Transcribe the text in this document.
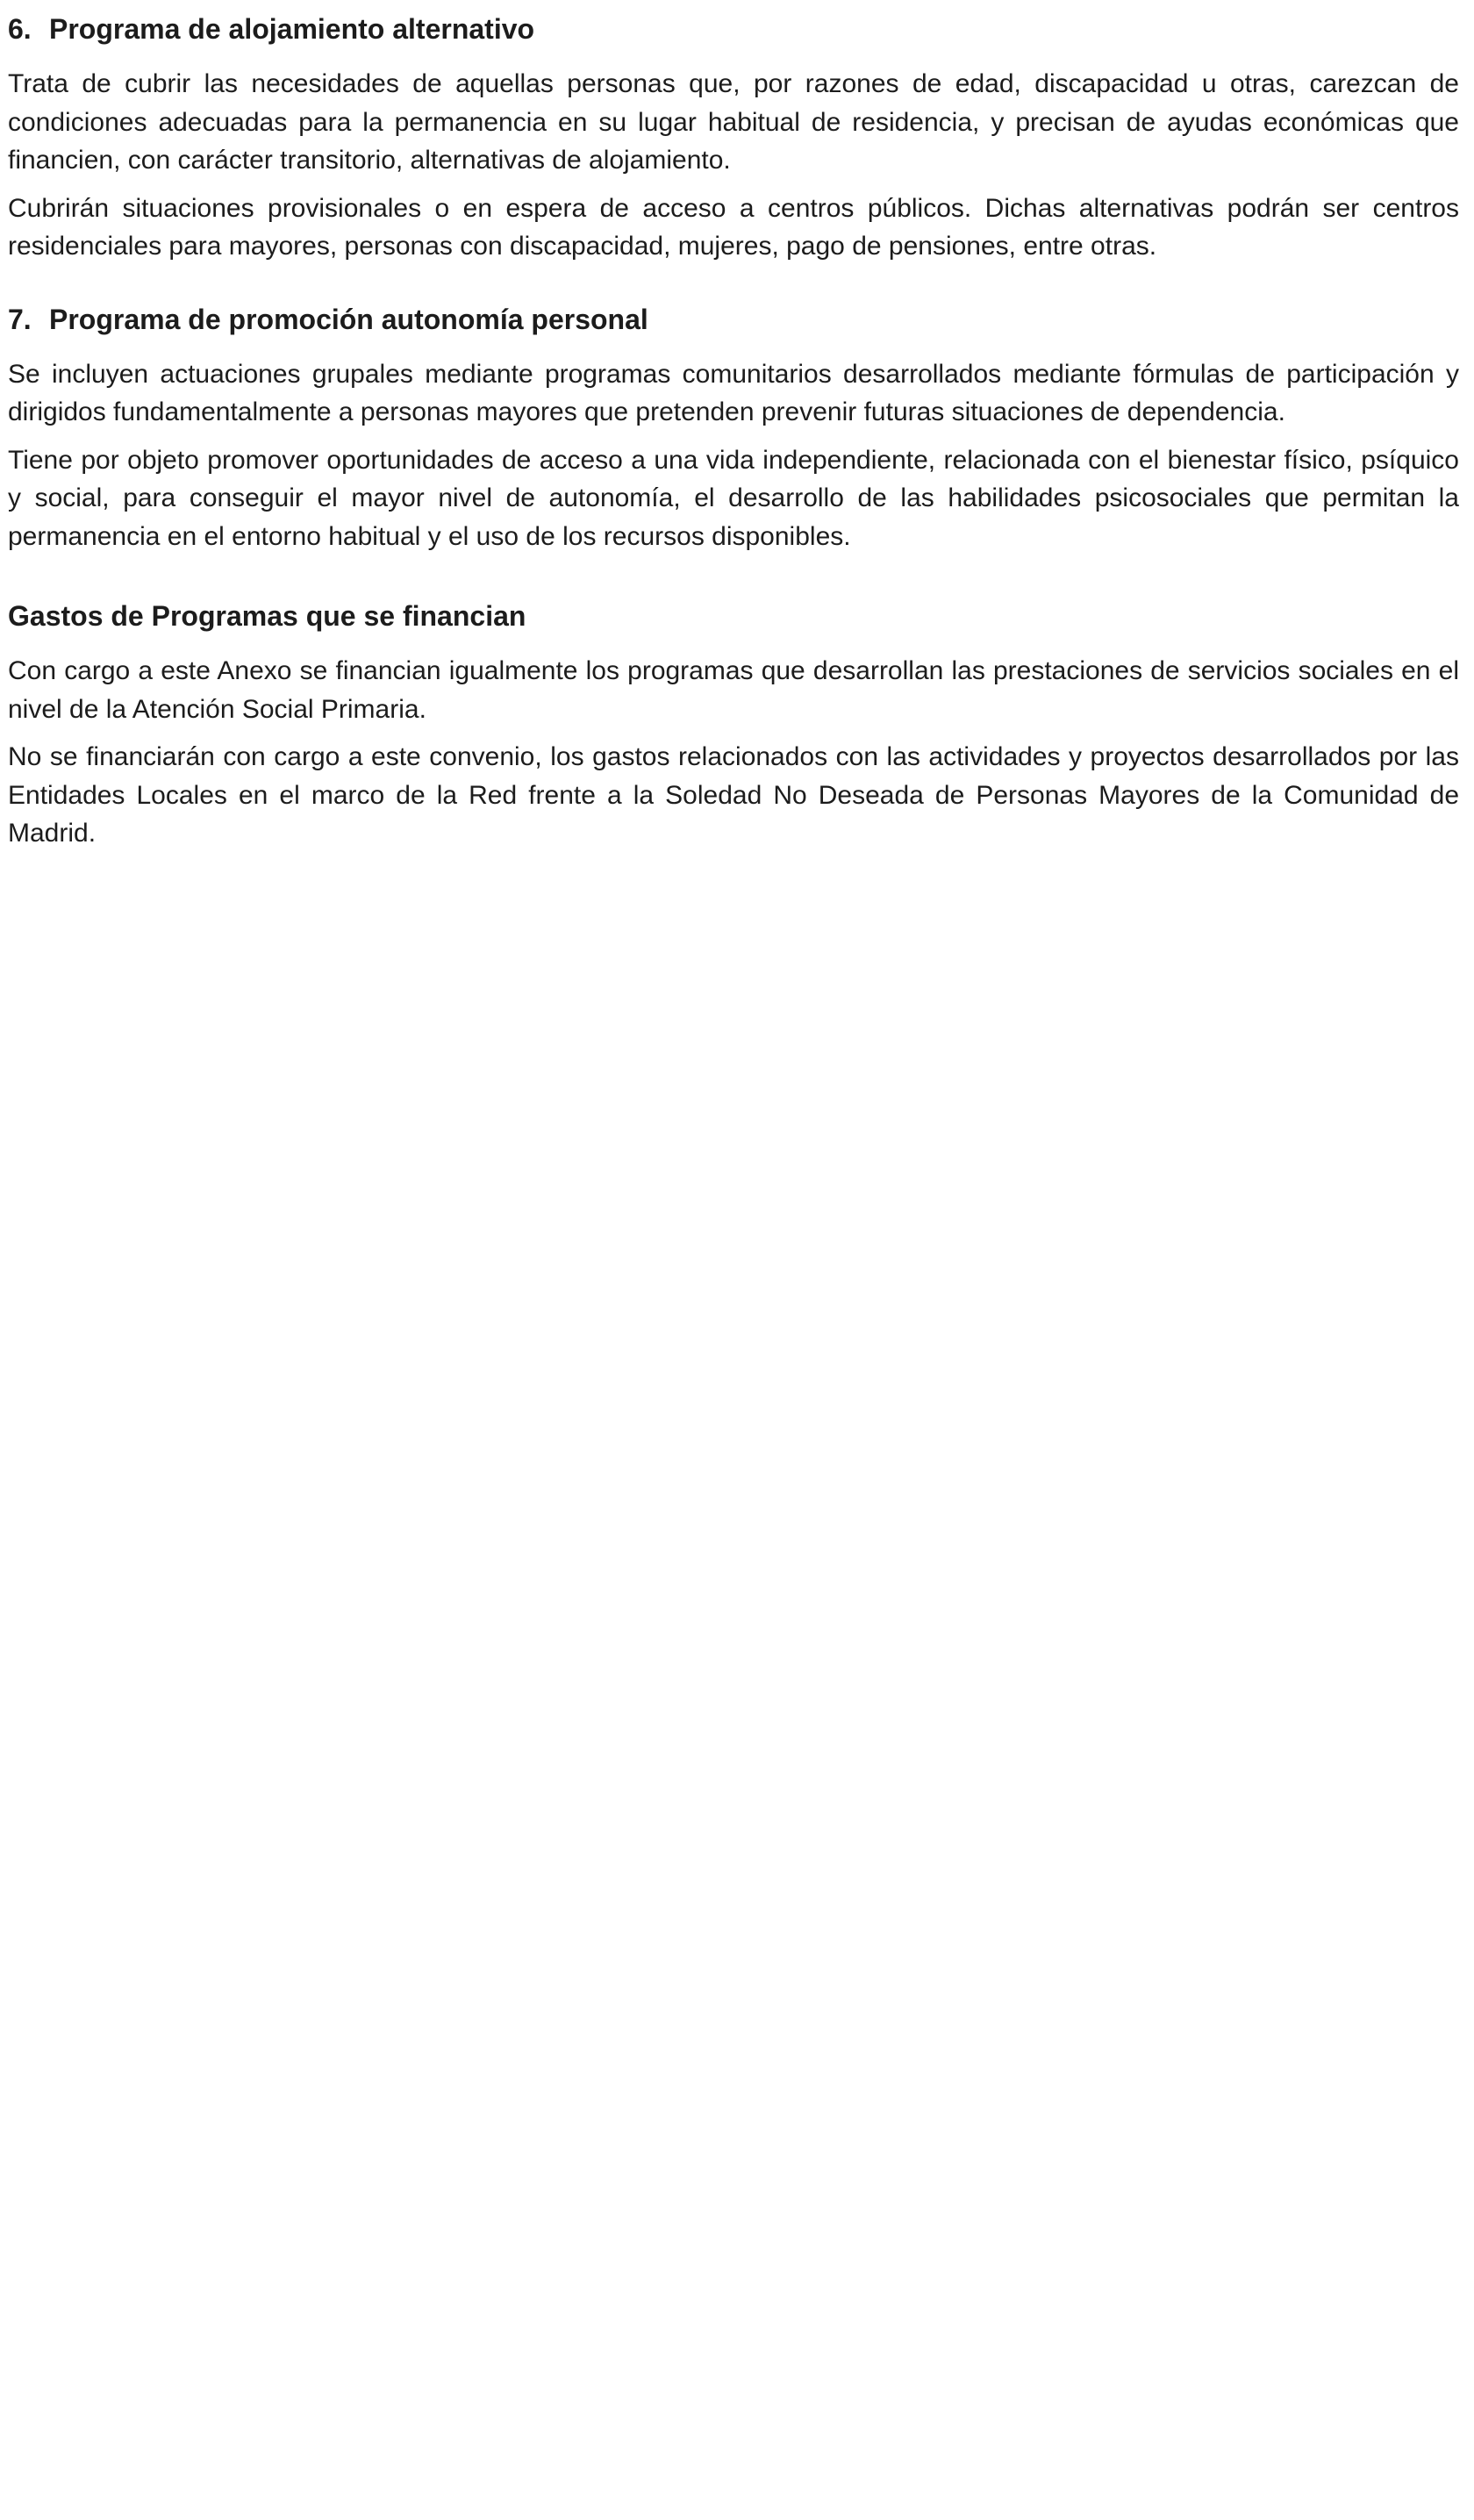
6. Programa de alojamiento alternativo

Trata de cubrir las necesidades de aquellas personas que, por razones de edad, discapacidad u otras, carezcan de condiciones adecuadas para la permanencia en su lugar habitual de residencia, y precisan de ayudas económicas que financien, con carácter transitorio, alternativas de alojamiento.

Cubrirán situaciones provisionales o en espera de acceso a centros públicos. Dichas alternativas podrán ser centros residenciales para mayores, personas con discapacidad, mujeres, pago de pensiones, entre otras.

7. Programa de promoción autonomía personal

Se incluyen actuaciones grupales mediante programas comunitarios desarrollados mediante fórmulas de participación y dirigidos fundamentalmente a personas mayores que pretenden prevenir futuras situaciones de dependencia.

Tiene por objeto promover oportunidades de acceso a una vida independiente, relacionada con el bienestar físico, psíquico y social, para conseguir el mayor nivel de autonomía, el desarrollo de las habilidades psicosociales que permitan la permanencia en el entorno habitual y el uso de los recursos disponibles.

Gastos de Programas que se financian

Con cargo a este Anexo se financian igualmente los programas que desarrollan las prestaciones de servicios sociales en el nivel de la Atención Social Primaria.

No se financiarán con cargo a este convenio, los gastos relacionados con las actividades y proyectos desarrollados por las Entidades Locales en el marco de la Red frente a la Soledad No Deseada de Personas Mayores de la Comunidad de Madrid.
